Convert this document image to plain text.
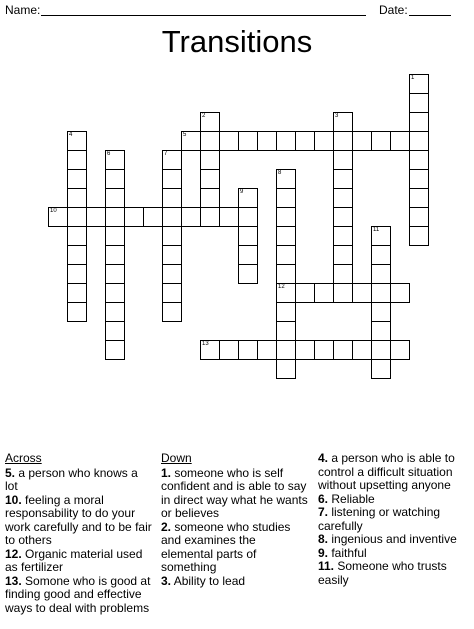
Name:	Date:
Transitions
1
2	3
4	5
6	7
8
12
9
10
11
13
Across
5. a person who knows a lot
10. feeling a moral responsability to do your work carefully and to be fair to others
12. Organic material used as fertilizer
13. Somone who is good at finding good and effective ways to deal with problems
Down
1. someone who is self confident and is able to say in direct way what he wants or believes
2. someone who studies and examines the elemental parts of something
3. Ability to lead
4. a person who is able to control a difficult situation without upsetting anyone
6. Reliable
7. listening or watching carefully
8. ingenious and inventive
9. faithful
11. Someone who trusts easily
